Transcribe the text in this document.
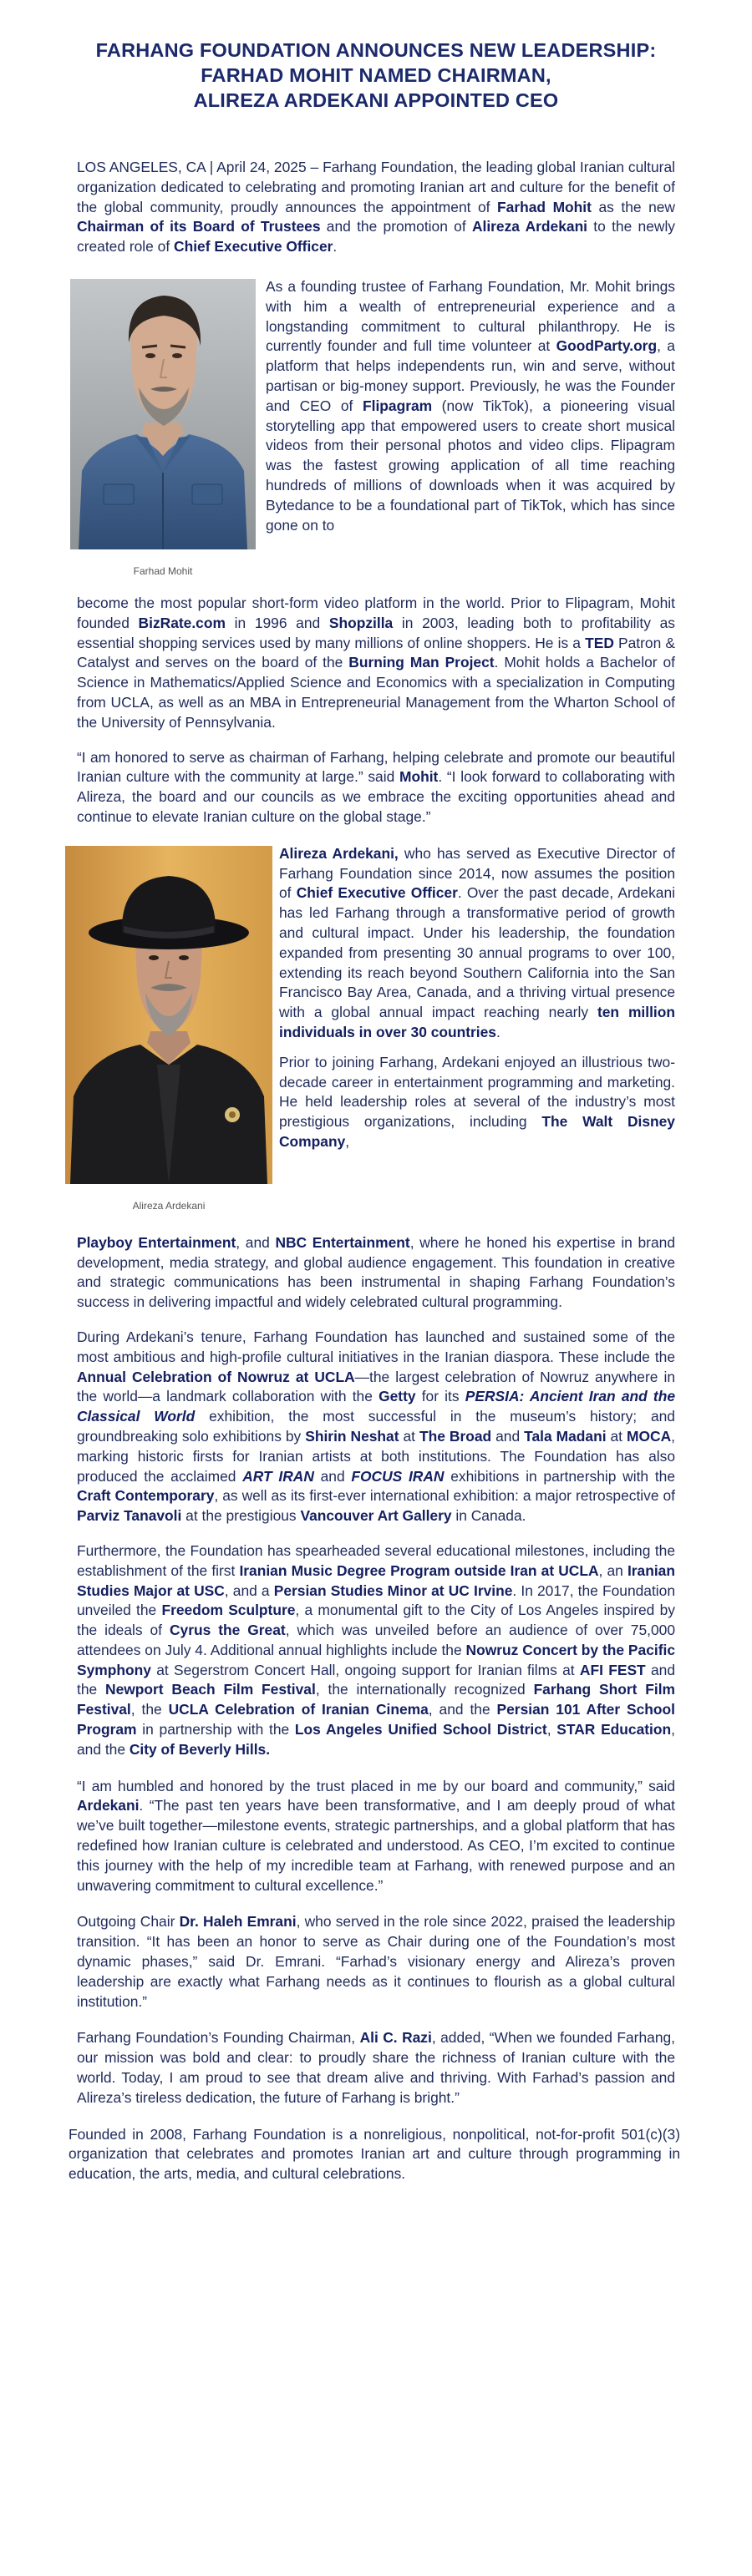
FARHANG FOUNDATION ANNOUNCES NEW LEADERSHIP:
FARHAD MOHIT NAMED CHAIRMAN,
ALIREZA ARDEKANI APPOINTED CEO

LOS ANGELES, CA | April 24, 2025 – Farhang Foundation, the leading global Iranian cultural organization dedicated to celebrating and promoting Iranian art and culture for the benefit of the global community, proudly announces the appointment of Farhad Mohit as the new Chairman of its Board of Trustees and the promotion of Alireza Ardekani to the newly created role of Chief Executive Officer.

Farhad Mohit

As a founding trustee of Farhang Foundation, Mr. Mohit brings with him a wealth of entrepreneurial experience and a longstanding commitment to cultural philanthropy. He is currently founder and full time volunteer at GoodParty.org, a platform that helps independents run, win and serve, without partisan or big-money support. Previously, he was the Founder and CEO of Flipagram (now TikTok), a pioneering visual storytelling app that empowered users to create short musical videos from their personal photos and video clips. Flipagram was the fastest growing application of all time reaching hundreds of millions of downloads when it was acquired by Bytedance to be a foundational part of TikTok, which has since gone on to

become the most popular short-form video platform in the world. Prior to Flipagram, Mohit founded BizRate.com in 1996 and Shopzilla in 2003, leading both to profitability as essential shopping services used by many millions of online shoppers. He is a TED Patron & Catalyst and serves on the board of the Burning Man Project. Mohit holds a Bachelor of Science in Mathematics/Applied Science and Economics with a specialization in Computing from UCLA, as well as an MBA in Entrepreneurial Management from the Wharton School of the University of Pennsylvania.

“I am honored to serve as chairman of Farhang, helping celebrate and promote our beautiful Iranian culture with the community at large.” said Mohit. “I look forward to collaborating with Alireza, the board and our councils as we embrace the exciting opportunities ahead and continue to elevate Iranian culture on the global stage.”

Alireza Ardekani

Alireza Ardekani, who has served as Executive Director of Farhang Foundation since 2014, now assumes the position of Chief Executive Officer. Over the past decade, Ardekani has led Farhang through a transformative period of growth and cultural impact. Under his leadership, the foundation expanded from presenting 30 annual programs to over 100, extending its reach beyond Southern California into the San Francisco Bay Area, Canada, and a thriving virtual presence with a global annual impact reaching nearly ten million individuals in over 30 countries.

Prior to joining Farhang, Ardekani enjoyed an illustrious two-decade career in entertainment programming and marketing. He held leadership roles at several of the industry’s most prestigious organizations, including The Walt Disney Company,

Playboy Entertainment, and NBC Entertainment, where he honed his expertise in brand development, media strategy, and global audience engagement. This foundation in creative and strategic communications has been instrumental in shaping Farhang Foundation’s success in delivering impactful and widely celebrated cultural programming.

During Ardekani’s tenure, Farhang Foundation has launched and sustained some of the most ambitious and high-profile cultural initiatives in the Iranian diaspora. These include the Annual Celebration of Nowruz at UCLA—the largest celebration of Nowruz anywhere in the world—a landmark collaboration with the Getty for its PERSIA: Ancient Iran and the Classical World exhibition, the most successful in the museum’s history; and groundbreaking solo exhibitions by Shirin Neshat at The Broad and Tala Madani at MOCA, marking historic firsts for Iranian artists at both institutions. The Foundation has also produced the acclaimed ART IRAN and FOCUS IRAN exhibitions in partnership with the Craft Contemporary, as well as its first-ever international exhibition: a major retrospective of Parviz Tanavoli at the prestigious Vancouver Art Gallery in Canada.

Furthermore, the Foundation has spearheaded several educational milestones, including the establishment of the first Iranian Music Degree Program outside Iran at UCLA, an Iranian Studies Major at USC, and a Persian Studies Minor at UC Irvine. In 2017, the Foundation unveiled the Freedom Sculpture, a monumental gift to the City of Los Angeles inspired by the ideals of Cyrus the Great, which was unveiled before an audience of over 75,000 attendees on July 4. Additional annual highlights include the Nowruz Concert by the Pacific Symphony at Segerstrom Concert Hall, ongoing support for Iranian films at AFI FEST and the Newport Beach Film Festival, the internationally recognized Farhang Short Film Festival, the UCLA Celebration of Iranian Cinema, and the Persian 101 After School Program in partnership with the Los Angeles Unified School District, STAR Education, and the City of Beverly Hills.

“I am humbled and honored by the trust placed in me by our board and community,” said Ardekani. “The past ten years have been transformative, and I am deeply proud of what we’ve built together—milestone events, strategic partnerships, and a global platform that has redefined how Iranian culture is celebrated and understood. As CEO, I’m excited to continue this journey with the help of my incredible team at Farhang, with renewed purpose and an unwavering commitment to cultural excellence.”

Outgoing Chair Dr. Haleh Emrani, who served in the role since 2022, praised the leadership transition. “It has been an honor to serve as Chair during one of the Foundation’s most dynamic phases,” said Dr. Emrani. “Farhad’s visionary energy and Alireza’s proven leadership are exactly what Farhang needs as it continues to flourish as a global cultural institution.”

Farhang Foundation’s Founding Chairman, Ali C. Razi, added, “When we founded Farhang, our mission was bold and clear: to proudly share the richness of Iranian culture with the world. Today, I am proud to see that dream alive and thriving. With Farhad’s passion and Alireza’s tireless dedication, the future of Farhang is bright.”

Founded in 2008, Farhang Foundation is a nonreligious, nonpolitical, not-for-profit 501(c)(3) organization that celebrates and promotes Iranian art and culture through programming in education, the arts, media, and cultural celebrations.
